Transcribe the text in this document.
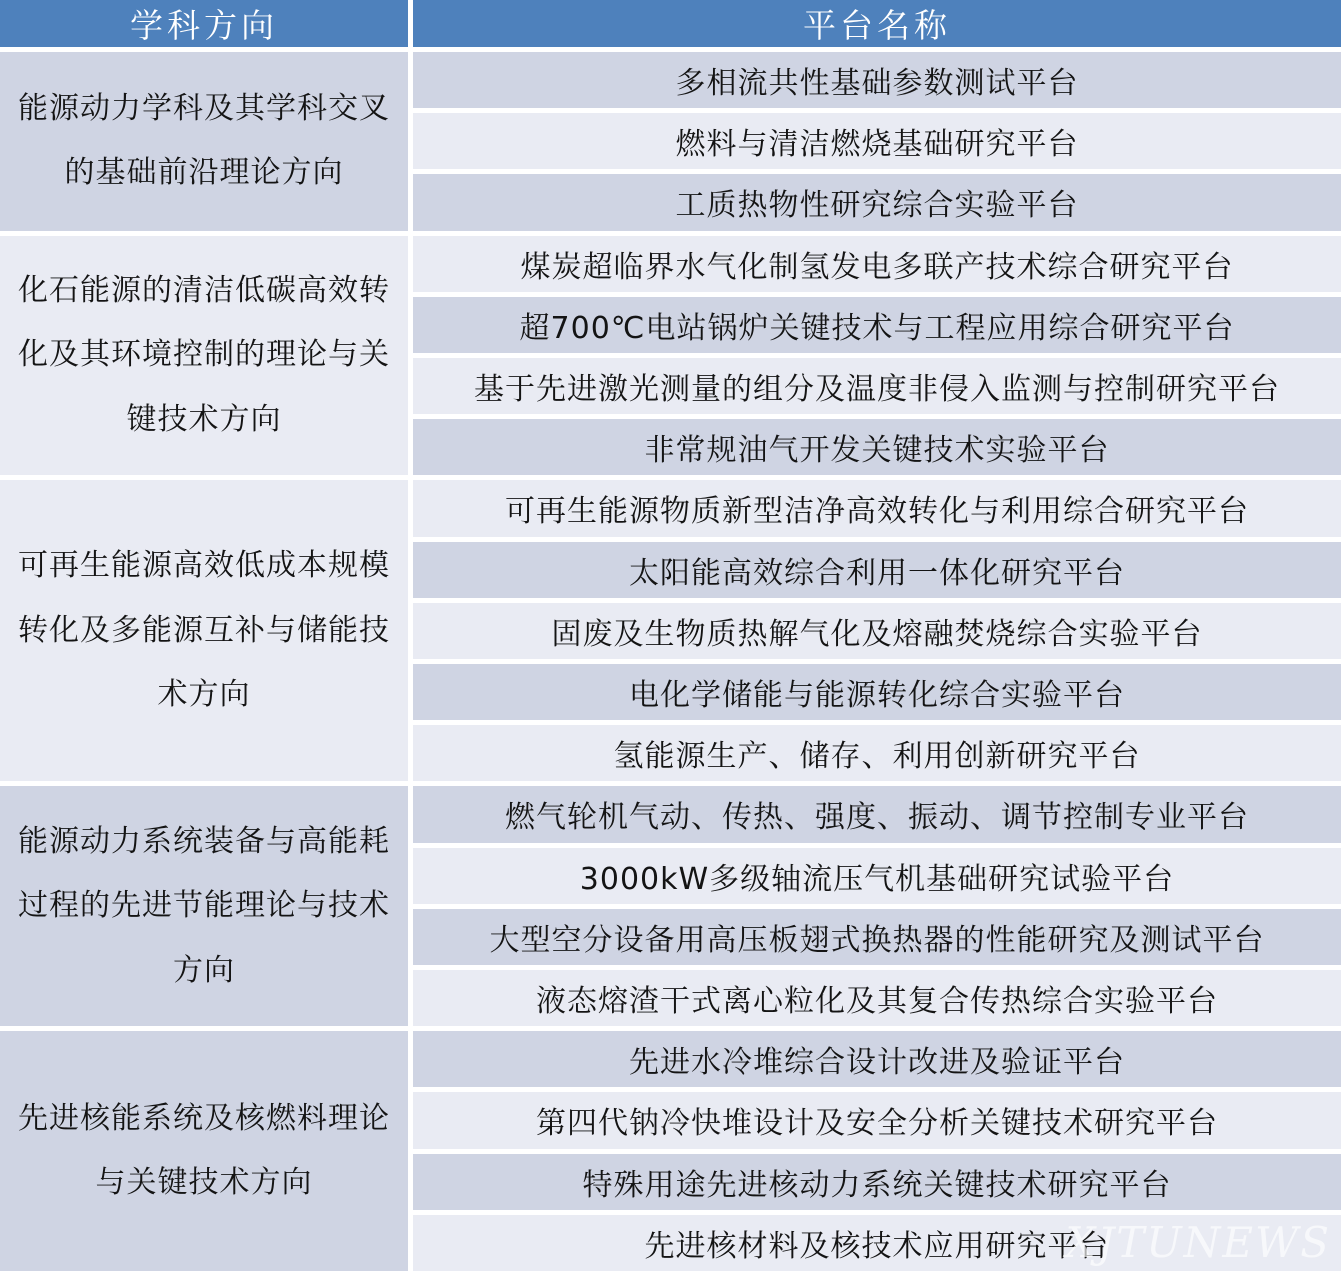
学科方向	平台名称
能源动力学科及其学科交叉的基础前沿理论方向
多相流共性基础参数测试平台
燃料与清洁燃烧基础研究平台
工质热物性研究综合实验平台
化石能源的清洁低碳高效转化及其环境控制的理论与关键技术方向
煤炭超临界水气化制氢发电多联产技术综合研究平台
超700℃电站锅炉关键技术与工程应用综合研究平台
基于先进激光测量的组分及温度非侵入监测与控制研究平台
非常规油气开发关键技术实验平台
可再生能源高效低成本规模转化及多能源互补与储能技术方向
可再生能源物质新型洁净高效转化与利用综合研究平台
太阳能高效综合利用一体化研究平台
固废及生物质热解气化及熔融焚烧综合实验平台
电化学储能与能源转化综合实验平台
氢能源生产、储存、利用创新研究平台
能源动力系统装备与高能耗过程的先进节能理论与技术方向
燃气轮机气动、传热、强度、振动、调节控制专业平台
3000kW多级轴流压气机基础研究试验平台
大型空分设备用高压板翅式换热器的性能研究及测试平台
液态熔渣干式离心粒化及其复合传热综合实验平台
先进核能系统及核燃料理论与关键技术方向
先进水冷堆综合设计改进及验证平台
第四代钠冷快堆设计及安全分析关键技术研究平台
特殊用途先进核动力系统关键技术研究平台
先进核材料及核技术应用研究平台
XJTUNEWS
